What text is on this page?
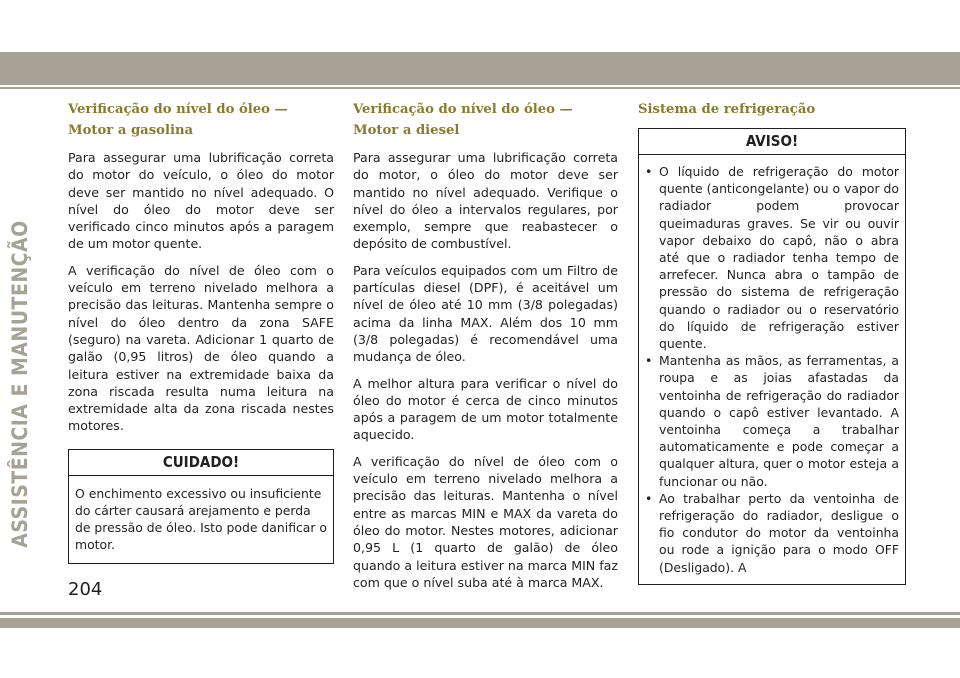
ASSISTÊNCIA E MANUTENÇÃO
Verificação do nível do óleo — Motor a gasolina

Para assegurar uma lubrificação correta do motor do veículo, o óleo do motor deve ser mantido no nível adequado. O nível do óleo do motor deve ser verificado cinco minutos após a paragem de um motor quente.

A verificação do nível de óleo com o veículo em terreno nivelado melhora a precisão das leituras. Mantenha sempre o nível do óleo dentro da zona SAFE (seguro) na vareta. Adicionar 1 quarto de galão (0,95 litros) de óleo quando a leitura estiver na extremidade baixa da zona riscada resulta numa leitura na extremidade alta da zona riscada nestes motores.

CUIDADO!

O enchimento excessivo ou insuficiente do cárter causará arejamento e perda de pressão de óleo. Isto pode danificar o motor.

Verificação do nível do óleo — Motor a diesel

Para assegurar uma lubrificação correta do motor, o óleo do motor deve ser mantido no nível adequado. Verifique o nível do óleo a intervalos regulares, por exemplo, sempre que reabastecer o depósito de combustível.

Para veículos equipados com um Filtro de partículas diesel (DPF), é aceitável um nível de óleo até 10 mm (3/8 polegadas) acima da linha MAX. Além dos 10 mm (3/8 polegadas) é recomendável uma mudança de óleo.

A melhor altura para verificar o nível do óleo do motor é cerca de cinco minutos após a paragem de um motor totalmente aquecido.

A verificação do nível de óleo com o veículo em terreno nivelado melhora a precisão das leituras. Mantenha o nível entre as marcas MIN e MAX da vareta do óleo do motor. Nestes motores, adicionar 0,95 L (1 quarto de galão) de óleo quando a leitura estiver na marca MIN faz com que o nível suba até à marca MAX.

Sistema de refrigeração
AVISO!
• O líquido de refrigeração do motor quente (anticongelante) ou o vapor do radiador podem provocar queimaduras graves. Se vir ou ouvir vapor debaixo do capô, não o abra até que o radiador tenha tempo de arrefecer. Nunca abra o tampão de pressão do sistema de refrigeração quando o radiador ou o reservatório do líquido de refrigeração estiver quente.
• Mantenha as mãos, as ferramentas, a roupa e as joias afastadas da ventoinha de refrigeração do radiador quando o capô estiver levantado. A ventoinha começa a trabalhar automaticamente e pode começar a qualquer altura, quer o motor esteja a funcionar ou não.
• Ao trabalhar perto da ventoinha de refrigeração do radiador, desligue o fio condutor do motor da ventoinha ou rode a ignição para o modo OFF (Desligado). A
204
